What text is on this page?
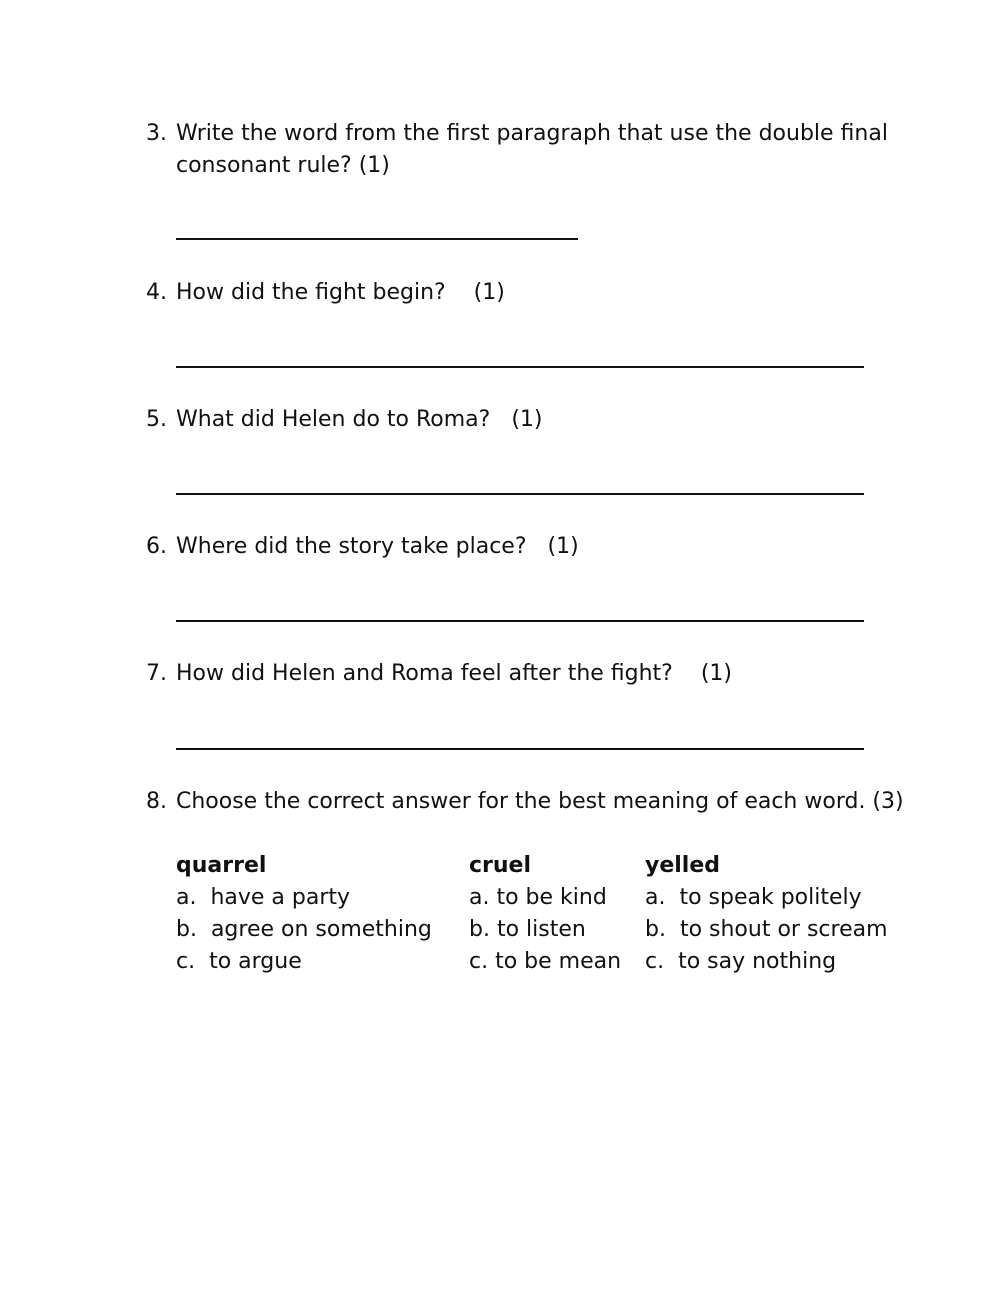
3. Write the word from the first paragraph that use the double final consonant rule? (1)
4. How did the fight begin?    (1)
5. What did Helen do to Roma?   (1)
6. Where did the story take place?   (1)
7. How did Helen and Roma feel after the fight?    (1)
8. Choose the correct answer for the best meaning of each word. (3)
quarrel
a.  have a party
b.  agree on something
c.  to argue
cruel
a. to be kind
b. to listen
c. to be mean
yelled
a.  to speak politely
b.  to shout or scream
c.  to say nothing
